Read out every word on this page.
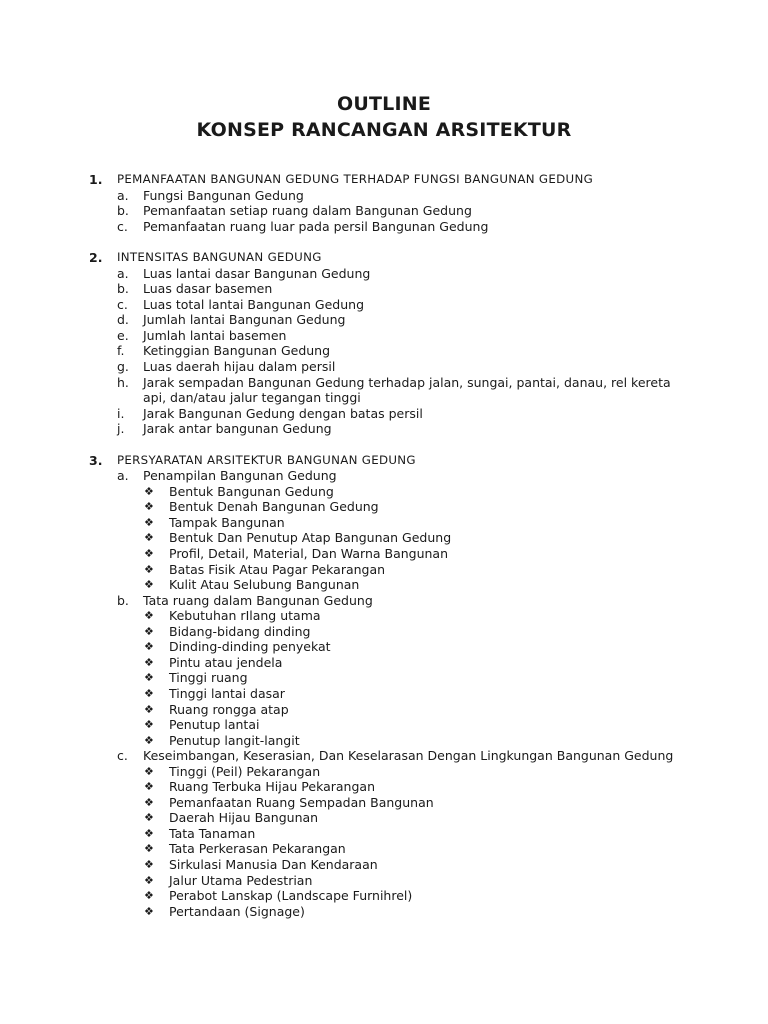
OUTLINE
KONSEP RANCANGAN ARSITEKTUR
1. PEMANFAATAN BANGUNAN GEDUNG TERHADAP FUNGSI BANGUNAN GEDUNG
a. Fungsi Bangunan Gedung
b. Pemanfaatan setiap ruang dalam Bangunan Gedung
c. Pemanfaatan ruang luar pada persil Bangunan Gedung
2. INTENSITAS BANGUNAN GEDUNG
a. Luas lantai dasar Bangunan Gedung
b. Luas dasar basemen
c. Luas total lantai Bangunan Gedung
d. Jumlah lantai Bangunan Gedung
e. Jumlah lantai basemen
f. Ketinggian Bangunan Gedung
g. Luas daerah hijau dalam persil
h. Jarak sempadan Bangunan Gedung terhadap jalan, sungai, pantai, danau, rel kereta api, dan/atau jalur tegangan tinggi
i. Jarak Bangunan Gedung dengan batas persil
j. Jarak antar bangunan Gedung
3. PERSYARATAN ARSITEKTUR BANGUNAN GEDUNG
a. Penampilan Bangunan Gedung
❖ Bentuk Bangunan Gedung
❖ Bentuk Denah Bangunan Gedung
❖ Tampak Bangunan
❖ Bentuk Dan Penutup Atap Bangunan Gedung
❖ Profil, Detail, Material, Dan Warna Bangunan
❖ Batas Fisik Atau Pagar Pekarangan
❖ Kulit Atau Selubung Bangunan
b. Tata ruang dalam Bangunan Gedung
❖ Kebutuhan rIlang utama
❖ Bidang-bidang dinding
❖ Dinding-dinding penyekat
❖ Pintu atau jendela
❖ Tinggi ruang
❖ Tinggi lantai dasar
❖ Ruang rongga atap
❖ Penutup lantai
❖ Penutup langit-langit
c. Keseimbangan, Keserasian, Dan Keselarasan Dengan Lingkungan Bangunan Gedung
❖ Tinggi (Peil) Pekarangan
❖ Ruang Terbuka Hijau Pekarangan
❖ Pemanfaatan Ruang Sempadan Bangunan
❖ Daerah Hijau Bangunan
❖ Tata Tanaman
❖ Tata Perkerasan Pekarangan
❖ Sirkulasi Manusia Dan Kendaraan
❖ Jalur Utama Pedestrian
❖ Perabot Lanskap (Landscape Furnihrel)
❖ Pertandaan (Signage)
